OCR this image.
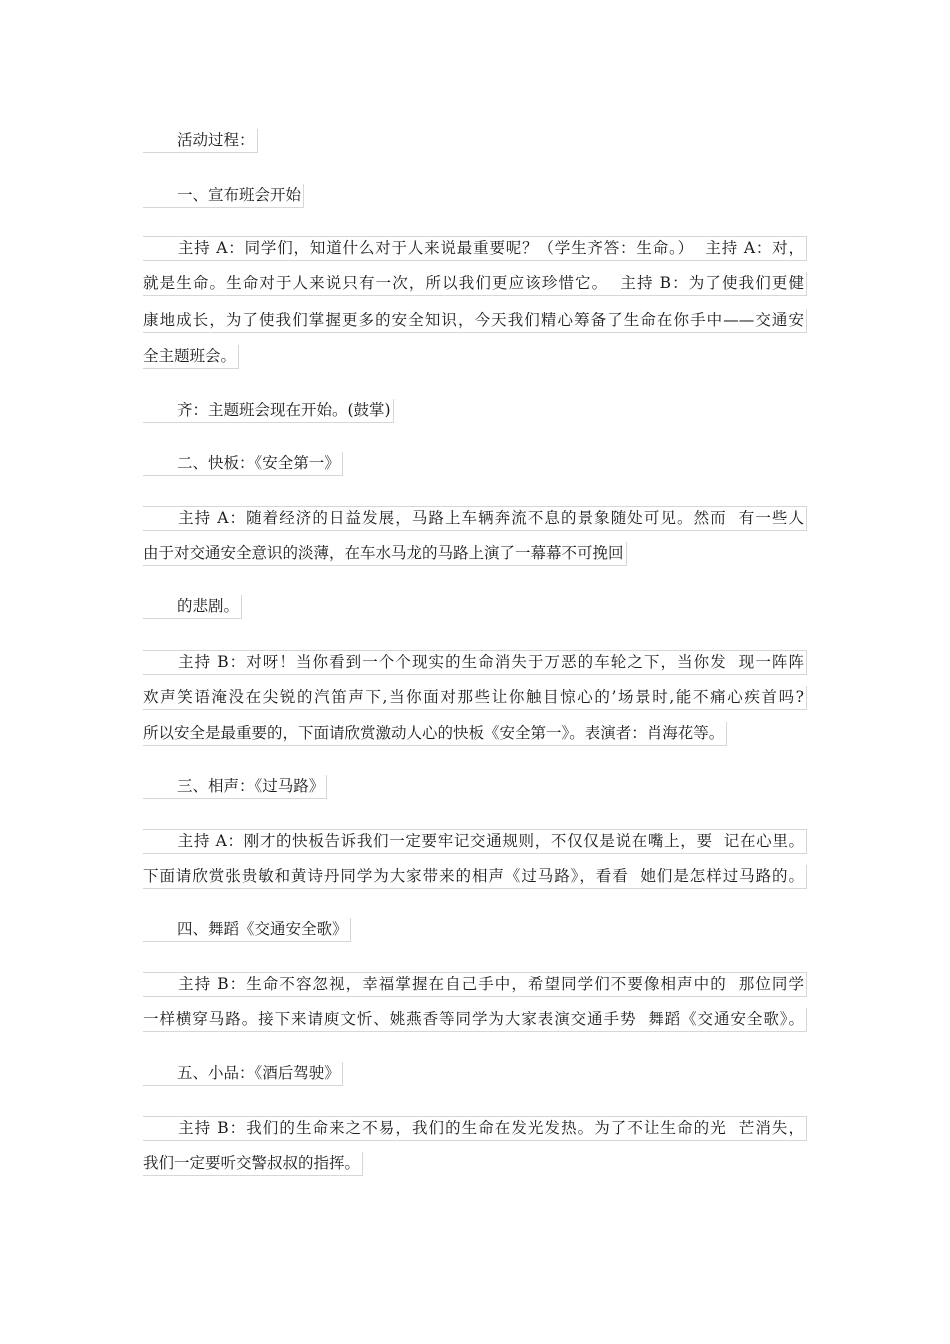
活动过程：
一、宣布班会开始
主持 A：同学们，知道什么对于人来说最重要呢？（学生齐答：生命。）  主持 A：对，
就是生命。生命对于人来说只有一次，所以我们更应该珍惜它。  主持 B：为了使我们更健
康地成长，为了使我们掌握更多的安全知识，今天我们精心筹备了生命在你手中——交通安
全主题班会。
齐：主题班会现在开始。(鼓掌)
二、快板：《安全第一》
主持 A：随着经济的日益发展，马路上车辆奔流不息的景象随处可见。然而  有一些人
由于对交通安全意识的淡薄，在车水马龙的马路上演了一幕幕不可挽回
的悲剧。
主持 B：对呀！当你看到一个个现实的生命消失于万恶的车轮之下，当你发  现一阵阵
欢声笑语淹没在尖锐的汽笛声下,当你面对那些让你触目惊心的’场景时,能不痛心疾首吗?
所以安全是最重要的，下面请欣赏激动人心的快板《安全第一》。表演者：肖海花等。
三、相声：《过马路》
主持 A：刚才的快板告诉我们一定要牢记交通规则，不仅仅是说在嘴上，要  记在心里。
下面请欣赏张贵敏和黄诗丹同学为大家带来的相声《过马路》，看看  她们是怎样过马路的。
四、舞蹈《交通安全歌》
主持 B：生命不容忽视，幸福掌握在自己手中，希望同学们不要像相声中的  那位同学
一样横穿马路。接下来请庾文忻、姚燕香等同学为大家表演交通手势  舞蹈《交通安全歌》。
五、小品：《酒后驾驶》
主持 B：我们的生命来之不易，我们的生命在发光发热。为了不让生命的光  芒消失，
我们一定要听交警叔叔的指挥。
